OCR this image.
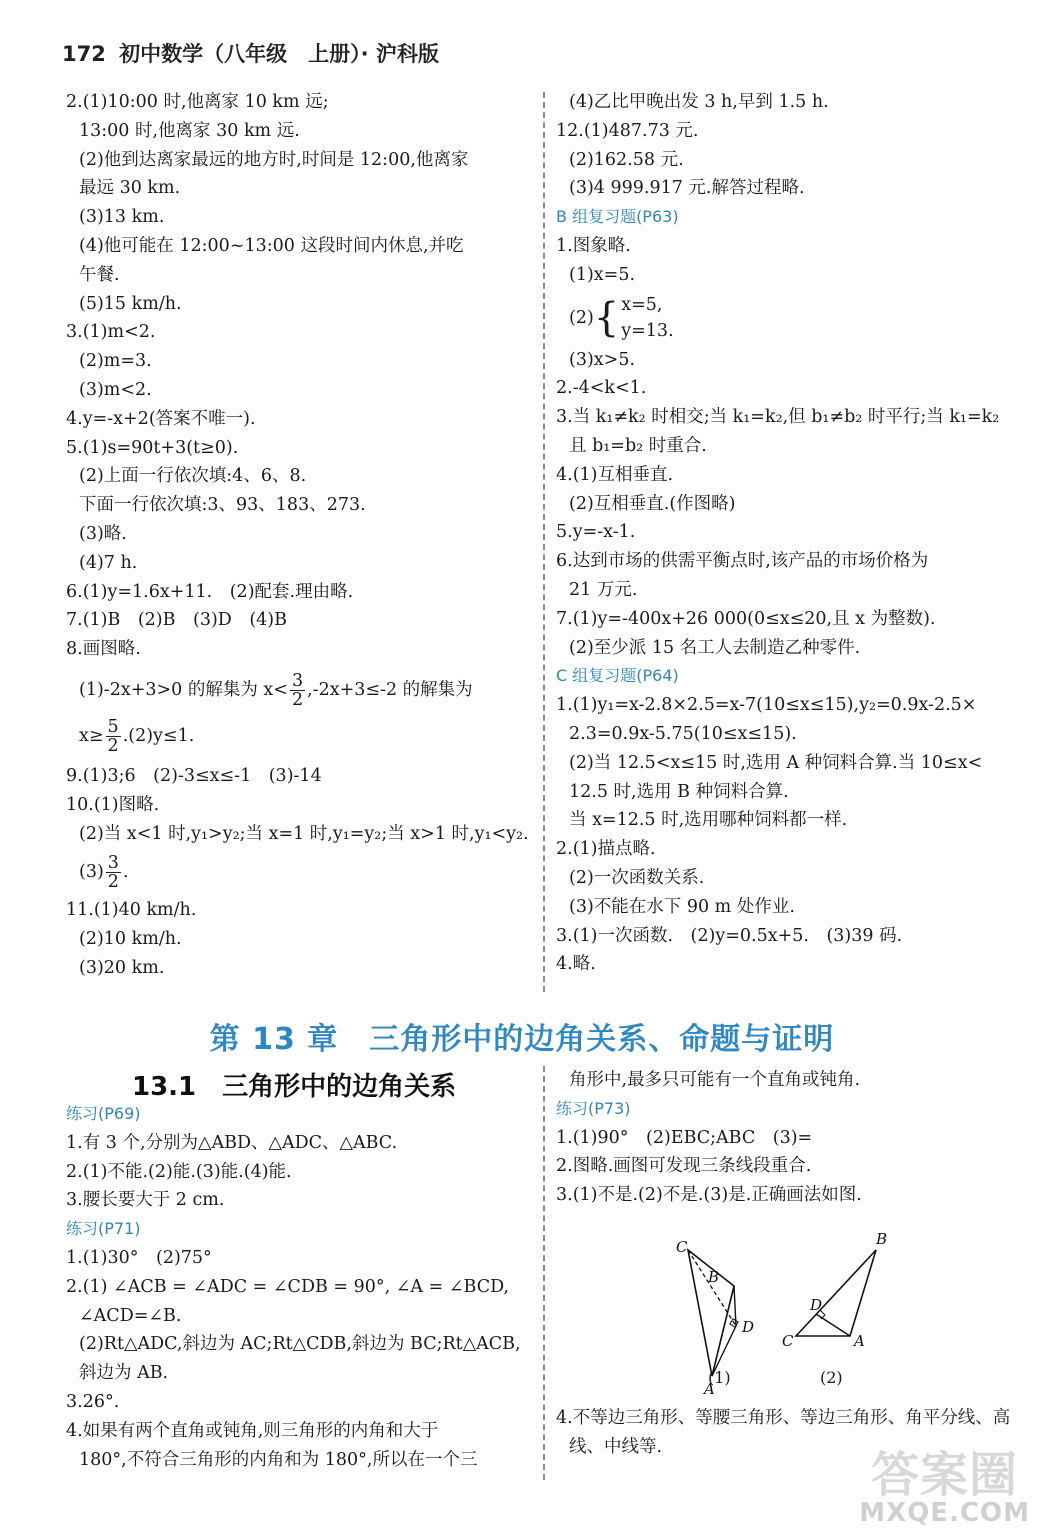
172 初中数学（八年级　上册）· 沪科版
2.(1)10:00 时,他离家 10 km 远;
13:00 时,他离家 30 km 远.
(2)他到达离家最远的地方时,时间是 12:00,他离家
最远 30 km.
(3)13 km.
(4)他可能在 12:00~13:00 这段时间内休息,并吃
午餐.
(5)15 km/h.
3.(1)m<2.
(2)m=3.
(3)m<2.
4.y=-x+2(答案不唯一).
5.(1)s=90t+3(t≥0).
(2)上面一行依次填:4、6、8.
下面一行依次填:3、93、183、273.
(3)略.
(4)7 h.
6.(1)y=1.6x+11.　(2)配套.理由略.
7.(1)B　(2)B　(3)D　(4)B
8.画图略.
(1)-2x+3>0 的解集为 $x< \frac{3}{2} ,-2x+3\le-2$ 的解集为
$x\ge \frac{5}{2} .(2)y\le 1$.
9.(1)3;6　(2)-3≤x≤-1　(3)-14
10.(1)图略.
(2)当 x<1 时,y₁>y₂;当 x=1 时,y₁=y₂;当 x>1 时,y₁<y₂.
$(3) \frac{3}{2}$ .
11.(1)40 km/h.
(2)10 km/h.
(3)20 km.
(4)乙比甲晚出发 3 h,早到 1.5 h.
12.(1)487.73 元.
(2)162.58 元.
(3)4 999.917 元.解答过程略.
B 组复习题(P63)
1.图象略.
(1)x=5.
(2){ x=5,
y=13.
(3)x>5.
2.-4<k<1.
3.当 k₁≠k₂ 时相交;当 k₁=k₂,但 b₁≠b₂ 时平行;当 k₁=k₂
且 b₁=b₂ 时重合.
4.(1)互相垂直.
(2)互相垂直.(作图略)
5.y=-x-1.
6.达到市场的供需平衡点时,该产品的市场价格为
21 万元.
7.(1)y=-400x+26 000(0≤x≤20,且 x 为整数).
(2)至少派 15 名工人去制造乙种零件.
C 组复习题(P64)
1.(1)y₁=x-2.8×2.5=x-7(10≤x≤15),y₂=0.9x-2.5×
2.3=0.9x-5.75(10≤x≤15).
(2)当 12.5<x≤15 时,选用 A 种饲料合算.当 10≤x<
12.5 时,选用 B 种饲料合算.
当 x=12.5 时,选用哪种饲料都一样.
2.(1)描点略.
(2)一次函数关系.
(3)不能在水下 90 m 处作业.
3.(1)一次函数.　(2)y=0.5x+5.　(3)39 码.
4.略.
第 13 章　三角形中的边角关系、命题与证明
13.1　三角形中的边角关系
练习(P69)
1.有 3 个,分别为△ABD、△ADC、△ABC.
2.(1)不能.(2)能.(3)能.(4)能.
3.腰长要大于 2 cm.
练习(P71)
1.(1)30°　(2)75°
2.(1) ∠ACB = ∠ADC = ∠CDB = 90°, ∠A = ∠BCD,
∠ACD=∠B.
(2)Rt△ADC,斜边为 AC;Rt△CDB,斜边为 BC;Rt△ACB,
斜边为 AB.
3.26°.
4.如果有两个直角或钝角,则三角形的内角和大于
180°,不符合三角形的内角和为 180°,所以在一个三
角形中,最多只可能有一个直角或钝角.
练习(P73)
1.(1)90°　(2)EBC;ABC　(3)=
2.图略.画图可发现三条线段重合.
3.(1)不是.(2)不是.(3)是.正确画法如图.
C
B
D
A
B
D
C	A
(1)	(2)
4.不等边三角形、等腰三角形、等边三角形、角平分线、高
线、中线等.
答案圈
MXQE.COM
